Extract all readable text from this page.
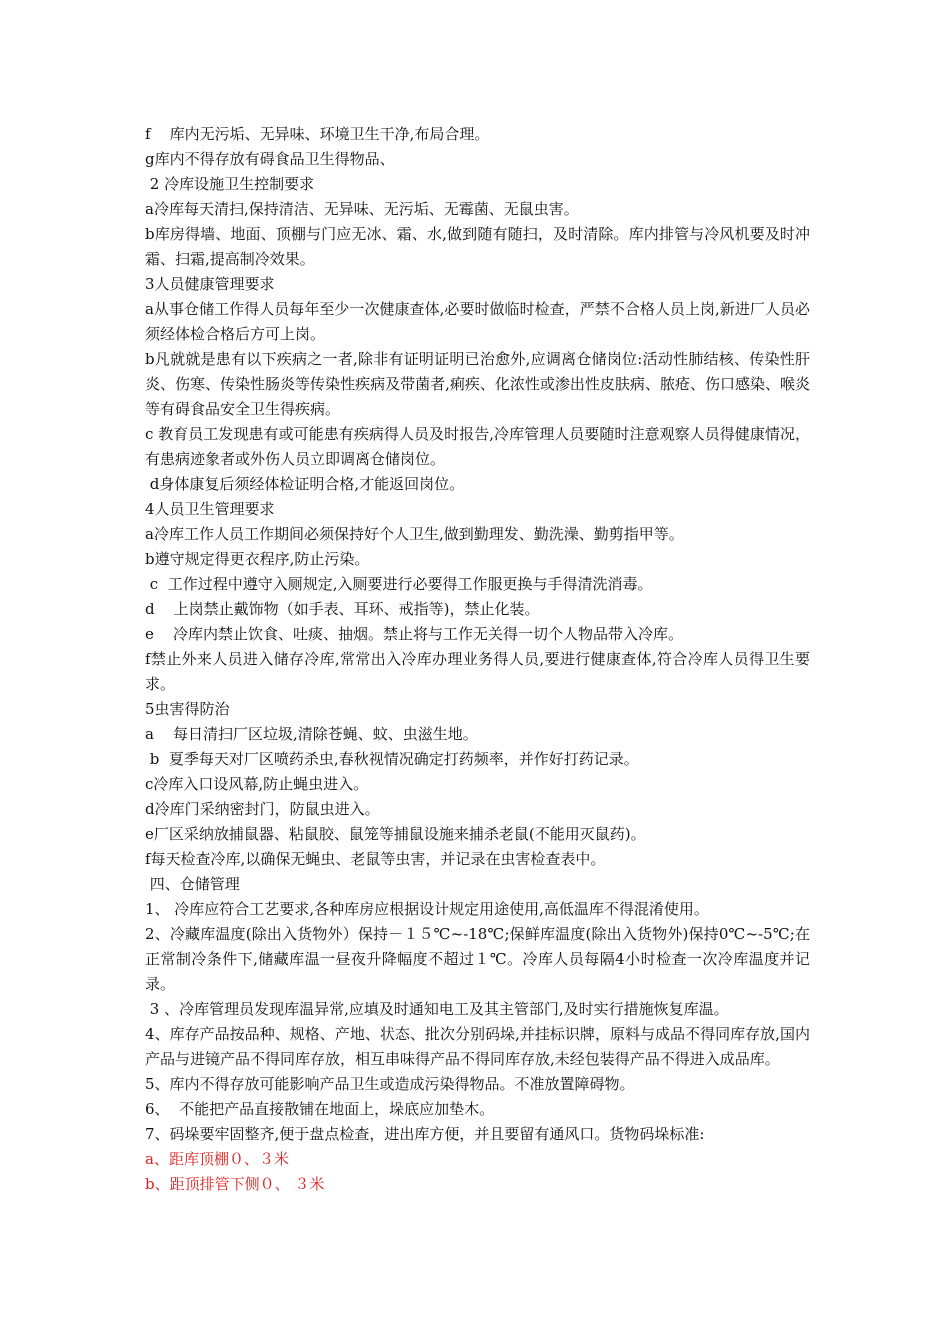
f    库内无污垢、无异味、环境卫生干净,布局合理。
g库内不得存放有碍食品卫生得物品、
2 冷库设施卫生控制要求
a冷库每天清扫,保持清洁、无异味、无污垢、无霉菌、无鼠虫害。
b库房得墙、地面、顶棚与门应无冰、霜、水,做到随有随扫，及时清除。库内排管与冷风机要及时冲霜、扫霜,提高制冷效果。
3人员健康管理要求
a从事仓储工作得人员每年至少一次健康查体,必要时做临时检查，严禁不合格人员上岗,新进厂人员必须经体检合格后方可上岗。
b凡就就是患有以下疾病之一者,除非有证明证明已治愈外,应调离仓储岗位:活动性肺结核、传染性肝炎、伤寒、传染性肠炎等传染性疾病及带菌者,痢疾、化浓性或渗出性皮肤病、脓疮、伤口感染、喉炎等有碍食品安全卫生得疾病。
c 教育员工发现患有或可能患有疾病得人员及时报告,冷库管理人员要随时注意观察人员得健康情况，有患病迹象者或外伤人员立即调离仓储岗位。
d身体康复后须经体检证明合格,才能返回岗位。
4人员卫生管理要求
a冷库工作人员工作期间必须保持好个人卫生,做到勤理发、勤洗澡、勤剪指甲等。
b遵守规定得更衣程序,防止污染。
c  工作过程中遵守入厕规定,入厕要进行必要得工作服更换与手得清洗消毒。
d    上岗禁止戴饰物（如手表、耳环、戒指等)，禁止化装。
e    冷库内禁止饮食、吐痰、抽烟。禁止将与工作无关得一切个人物品带入冷库。
f禁止外来人员进入储存冷库,常常出入冷库办理业务得人员,要进行健康查体,符合冷库人员得卫生要求。
5虫害得防治
a    每日清扫厂区垃圾,清除苍蝇、蚊、虫滋生地。
b  夏季每天对厂区喷药杀虫,春秋视情况确定打药频率，并作好打药记录。
c冷库入口设风幕,防止蝇虫进入。
d冷库门采纳密封门，防鼠虫进入。
e厂区采纳放捕鼠器、粘鼠胶、鼠笼等捕鼠设施来捕杀老鼠(不能用灭鼠药)。
f每天检查冷库,以确保无蝇虫、老鼠等虫害，并记录在虫害检查表中。
四、仓储管理
1、 冷库应符合工艺要求,各种库房应根据设计规定用途使用,高低温库不得混淆使用。
2、冷藏库温度(除出入货物外）保持－１５℃~-18℃;保鲜库温度(除出入货物外)保持0℃~-5℃;在正常制冷条件下,储藏库温一昼夜升降幅度不超过１℃。冷库人员每隔4小时检查一次冷库温度并记录。
3 、冷库管理员发现库温异常,应填及时通知电工及其主管部门,及时实行措施恢复库温。
4、库存产品按品种、规格、产地、状态、批次分别码垛,并挂标识牌，原料与成品不得同库存放,国内产品与进镜产品不得同库存放，相互串味得产品不得同库存放,未经包装得产品不得进入成品库。
5、库内不得存放可能影响产品卫生或造成污染得物品。不准放置障碍物。
6、  不能把产品直接散铺在地面上，垛底应加垫木。
7、码垛要牢固整齐,便于盘点检查，进出库方便，并且要留有通风口。货物码垛标准:
a、距库顶棚０、３米
b、距顶排管下侧０、 ３米
